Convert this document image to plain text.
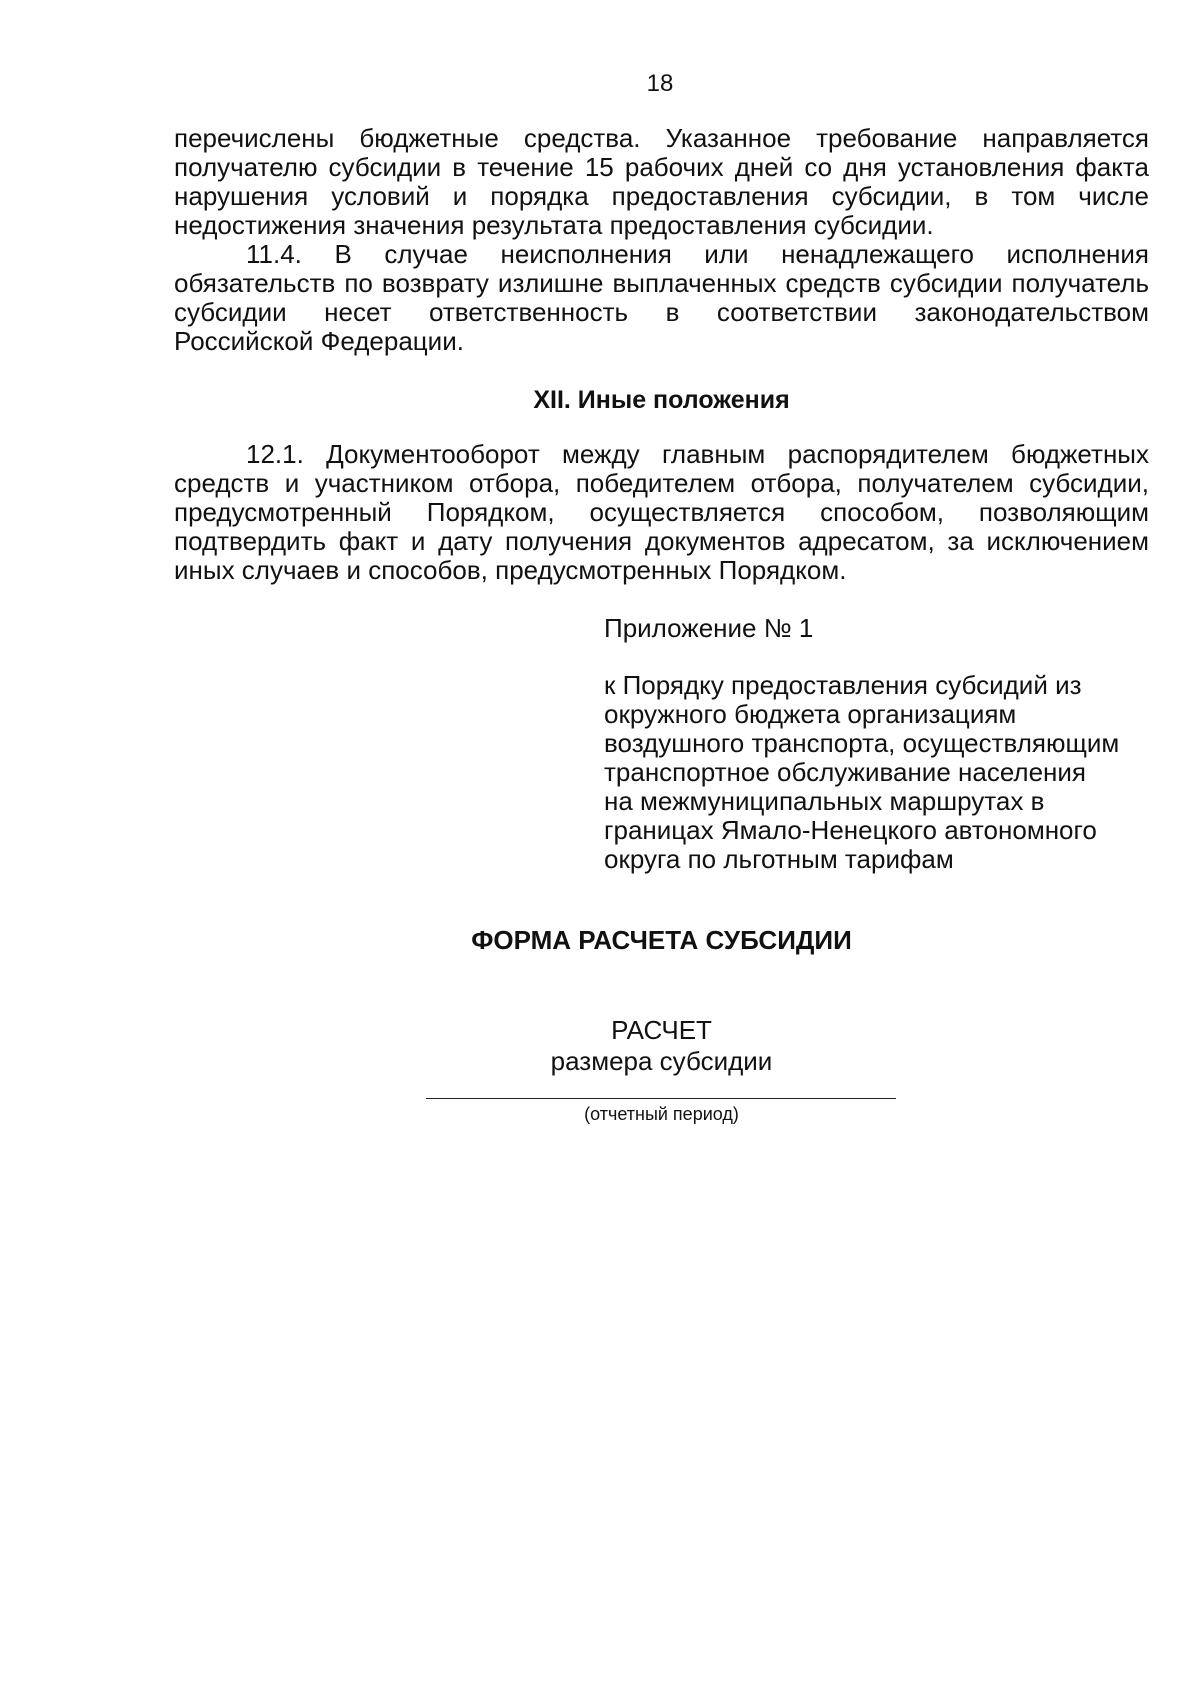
18

перечислены бюджетные средства. Указанное требование направляется

получателю субсидии в течение 15 рабочих дней со дня установления факта

нарушения условий и порядка предоставления субсидии, в том числе

недостижения значения результата предоставления субсидии.

11.4. В случае неисполнения или ненадлежащего исполнения

обязательств по возврату излишне выплаченных средств субсидии получатель

субсидии несет ответственность в соответствии законодательством

Российской Федерации.

XII. Иные положения

12.1. Документооборот между главным распорядителем бюджетных

средств и участником отбора, победителем отбора, получателем субсидии,

предусмотренный Порядком, осуществляется способом, позволяющим

подтвердить факт и дату получения документов адресатом, за исключением

иных случаев и способов, предусмотренных Порядком.

Приложение № 1
к Порядку предоставления субсидий из
окружного бюджета организациям
воздушного транспорта, осуществляющим
транспортное обслуживание населения
на межмуниципальных маршрутах в
границах Ямало-Ненецкого автономного
округа по льготным тарифам
ФОРМА РАСЧЕТА СУБСИДИИ
РАСЧЕТ
размера субсидии
(отчетный период)
